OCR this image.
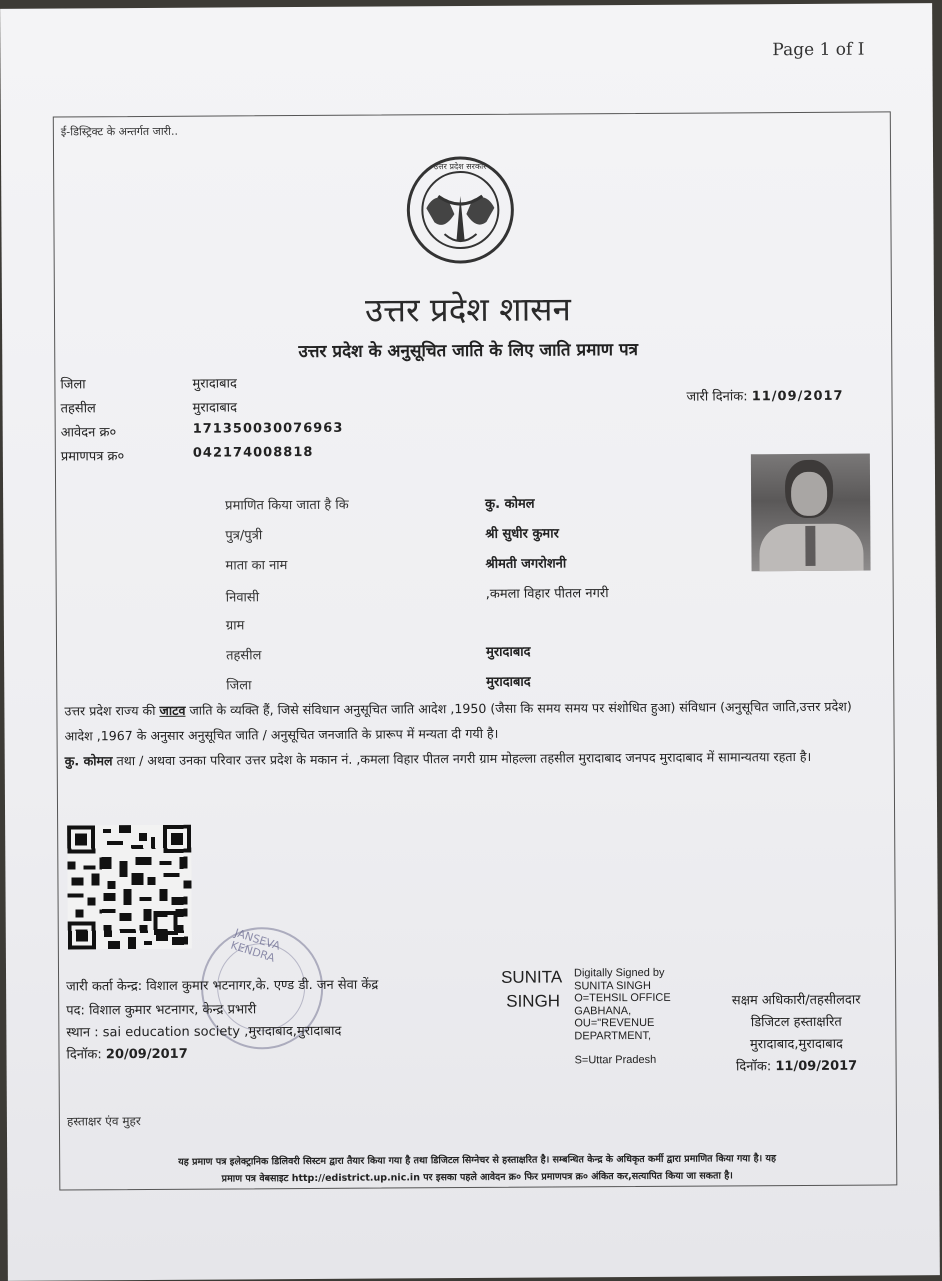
Page 1 of I
ई-डिस्ट्रिक्ट के अन्तर्गत जारी..
उत्तर प्रदेश सरकार
उत्तर प्रदेश शासन
उत्तर प्रदेश के अनुसूचित जाति के लिए जाति प्रमाण पत्र
जिला	मुरादाबाद
तहसील	मुरादाबाद
आवेदन क्र०	171350030076963
प्रमाणपत्र क्र०	042174008818
जारी दिनांक: 11/09/2017
प्रमाणित किया जाता है कि	कु. कोमल
पुत्र/पुत्री	श्री सुधीर कुमार
माता का नाम	श्रीमती जगरोशनी
निवासी	,कमला विहार पीतल नगरी
ग्राम
तहसील	मुरादाबाद
जिला	मुरादाबाद
उत्तर प्रदेश राज्य की जाटव जाति के व्यक्ति हैं, जिसे संविधान अनुसूचित जाति आदेश ,1950 (जैसा कि समय समय पर संशोधित हुआ) संविधान (अनुसूचित जाति,उत्तर प्रदेश) आदेश ,1967 के अनुसार अनुसूचित जाति / अनुसूचित जनजाति के प्रारूप में मन्यता दी गयी है।
कु. कोमल तथा / अथवा उनका परिवार उत्तर प्रदेश के मकान नं. ,कमला विहार पीतल नगरी ग्राम मोहल्ला तहसील मुरादाबाद जनपद मुरादाबाद में सामान्यतया रहता है।
JANSEVA KENDRA
जारी कर्ता केन्द्र: विशाल कुमार भटनागर,के. एण्ड डी. जन सेवा केंद्र
पद: विशाल कुमार भटनागर, केन्द्र प्रभारी
स्थान : sai education society ,मुरादाबाद,मुरादाबाद
दिनॉक: 20/09/2017
SUNITA
SINGH
Digitally Signed by
SUNITA SINGH
O=TEHSIL OFFICE
GABHANA,
OU="REVENUE
DEPARTMENT,
S=Uttar Pradesh
सक्षम अधिकारी/तहसीलदार
डिजिटल हस्ताक्षरित
मुरादाबाद,मुरादाबाद
दिनॉक: 11/09/2017
हस्ताक्षर एंव मुहर
यह प्रमाण पत्र इलेक्ट्रानिक डिलिवरी सिस्टम द्वारा तैयार किया गया है तथा डिजिटल सिग्नेचर से हस्ताक्षरित है। सम्बन्धित केन्द्र के अधिकृत कर्मी द्वारा प्रमाणित किया गया है। यह
प्रमाण पत्र वेबसाइट http://edistrict.up.nic.in पर इसका पहले आवेदन क्र० फिर प्रमाणपत्र क्र० अंकित कर,सत्यापित किया जा सकता है।
